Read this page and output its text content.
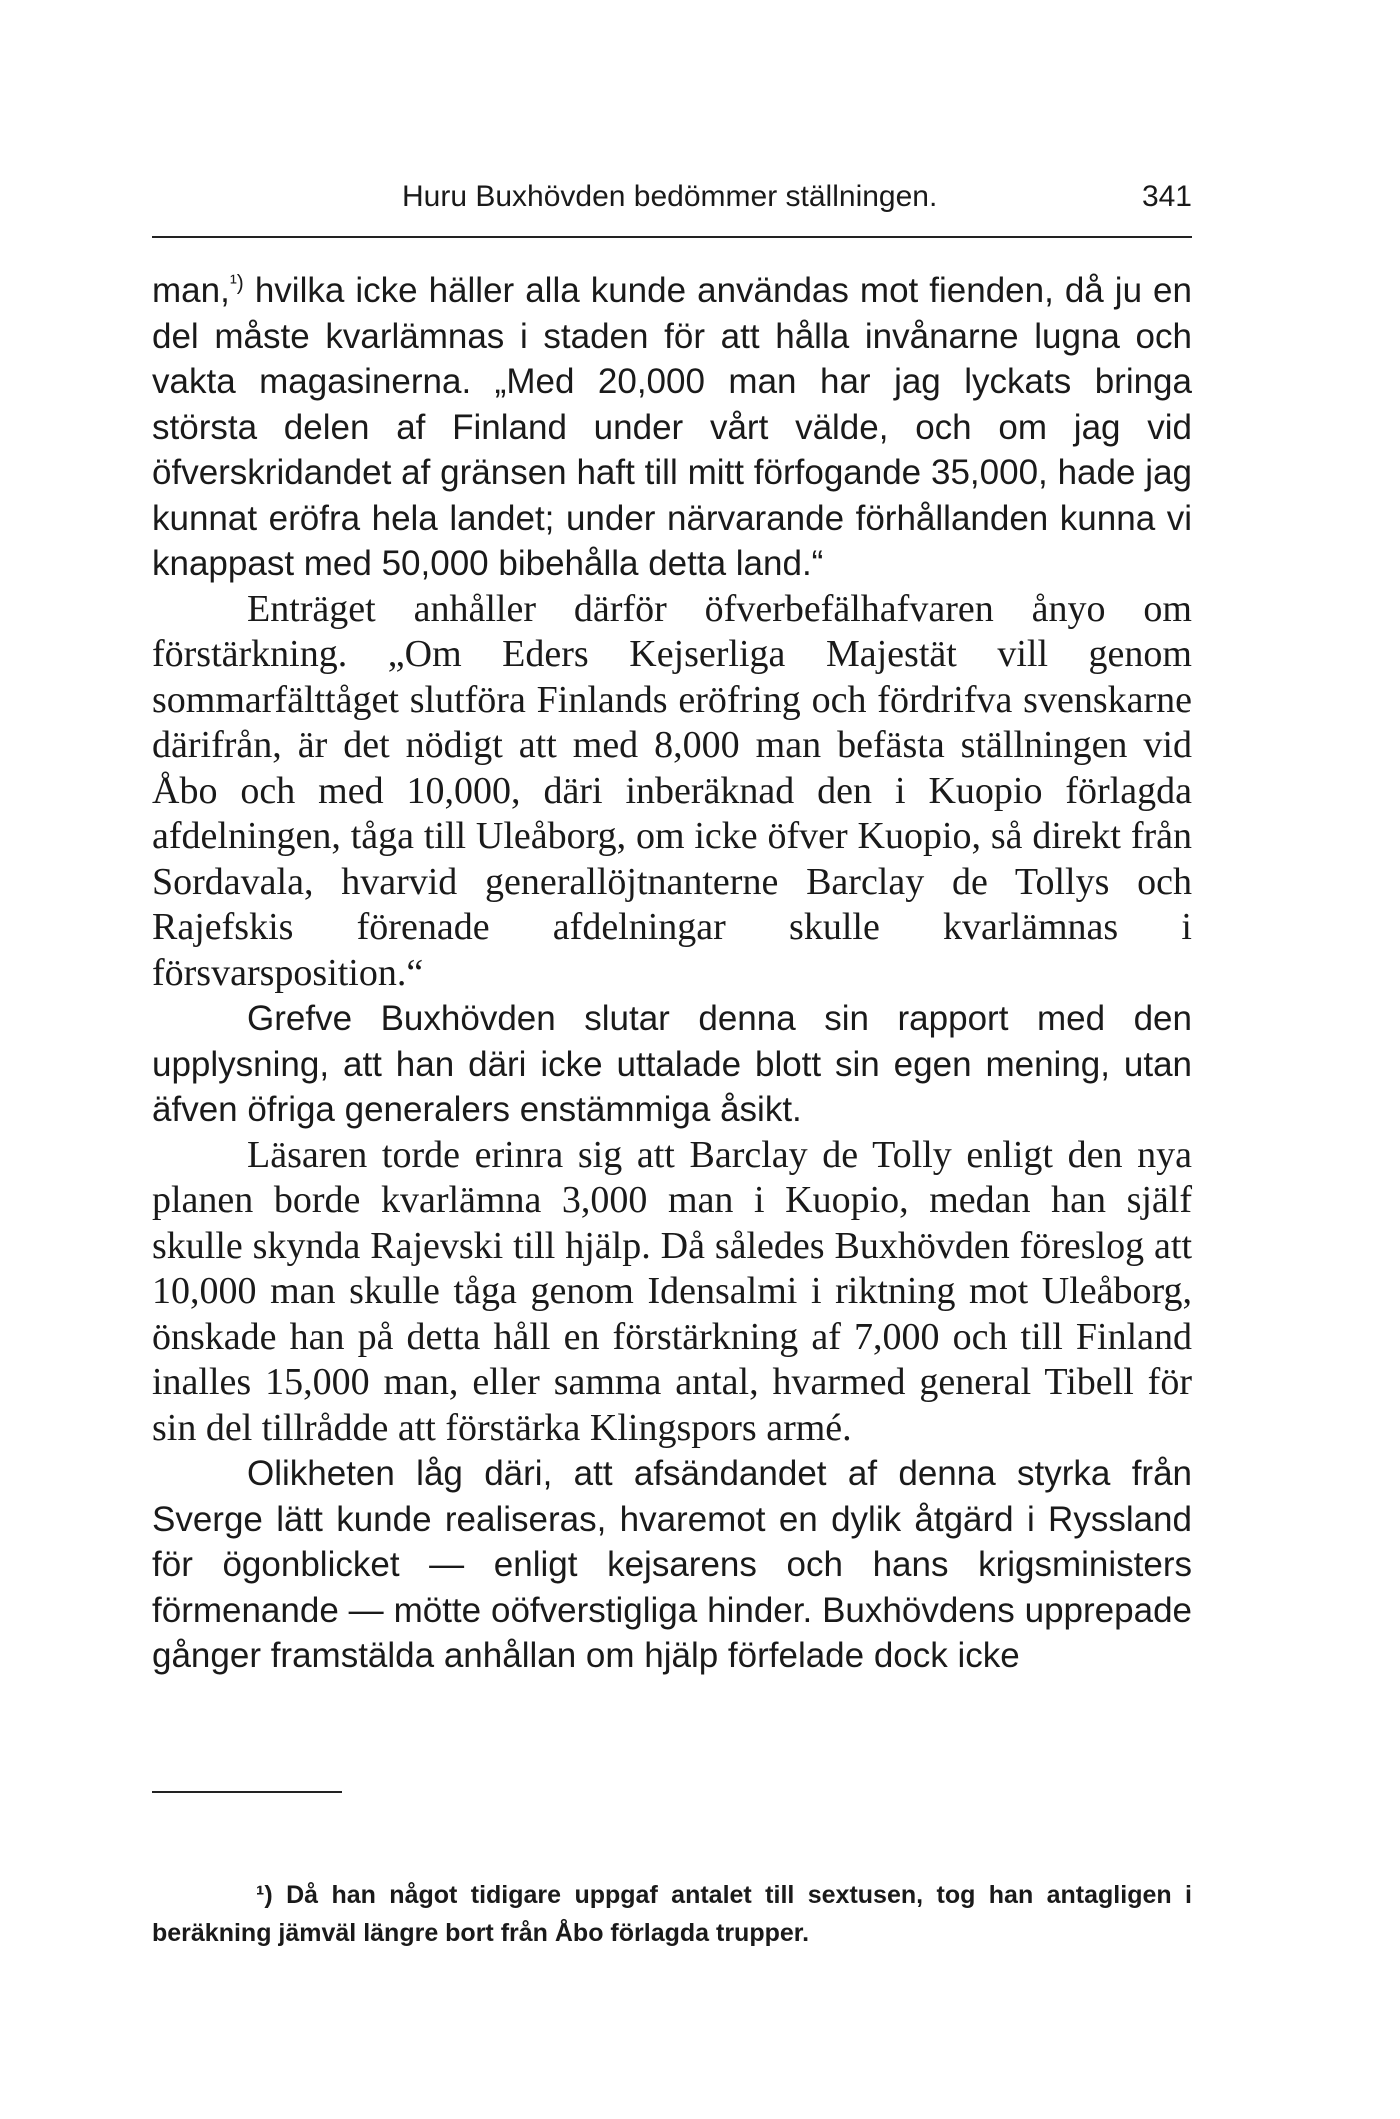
Huru Buxhövden bedömmer ställningen.	341

man,$^{^1)}$ hvilka icke häller alla kunde användas mot fienden, då ju en del måste kvarlämnas i staden för att hålla invånarne lugna och vakta magasinerna. „Med 20,000 man har jag lyckats bringa största delen af Finland under vårt välde, och om jag vid öfverskridandet af gränsen haft till mitt förfogande 35,000, hade jag kunnat eröfra hela landet; under närvarande förhållanden kunna vi knappast med 50,000 bibehålla detta land.“

Enträget anhåller därför öfverbefälhafvaren ånyo om förstärkning. „Om Eders Kejserliga Majestät vill genom sommarfälttåget slutföra Finlands eröfring och fördrifva svenskarne därifrån, är det nödigt att med 8,000 man befästa ställningen vid Åbo och med 10,000, däri inberäknad den i Kuopio förlagda afdelningen, tåga till Uleåborg, om icke öfver Kuopio, så direkt från Sordavala, hvarvid generallöjtnanterne Barclay de Tollys och Rajefskis förenade afdelningar skulle kvarlämnas i försvarsposition.“

Grefve Buxhövden slutar denna sin rapport med den upplysning, att han däri icke uttalade blott sin egen mening, utan äfven öfriga generalers enstämmiga åsikt.

Läsaren torde erinra sig att Barclay de Tolly enligt den nya planen borde kvarlämna 3,000 man i Kuopio, medan han själf skulle skynda Rajevski till hjälp. Då således Buxhövden föreslog att 10,000 man skulle tåga genom Idensalmi i riktning mot Uleåborg, önskade han på detta håll en förstärkning af 7,000 och till Finland inalles 15,000 man, eller samma antal, hvarmed general Tibell för sin del tillrådde att förstärka Klingspors armé.

Olikheten låg däri, att afsändandet af denna styrka från Sverge lätt kunde realiseras, hvaremot en dylik åtgärd i Ryssland för ögonblicket — enligt kejsarens och hans krigsministers förmenande — mötte oöfverstigliga hinder. Buxhövdens upprepade gånger framstälda anhållan om hjälp förfelade dock icke

¹) Då han något tidigare uppgaf antalet till sextusen, tog han antagligen i beräkning jämväl längre bort från Åbo förlagda trupper.
